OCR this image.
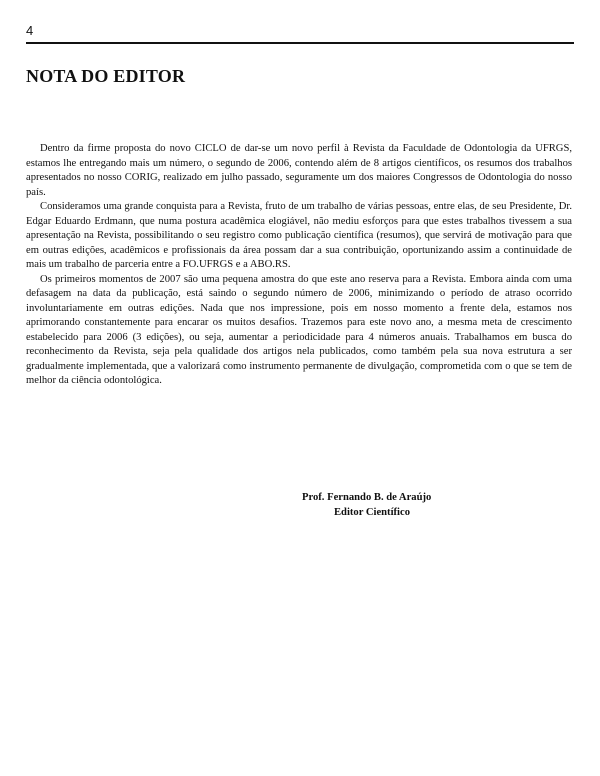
4
NOTA DO EDITOR

Dentro da firme proposta do novo CICLO de dar-se um novo perfil à Revista da Faculdade de Odontologia da UFRGS, estamos lhe entregando mais um número, o segundo de 2006, contendo além de 8 artigos científicos, os resumos dos trabalhos apresentados no nosso CORIG, realizado em julho passado, seguramente um dos maiores Congressos de Odontologia do nosso país.

Consideramos uma grande conquista para a Revista, fruto de um trabalho de várias pessoas, entre elas, de seu Presidente, Dr. Edgar Eduardo Erdmann, que numa postura acadêmica elogiável, não mediu esforços para que estes trabalhos tivessem a sua apresentação na Revista, possibilitando o seu registro como publicação científica (resumos), que servirá de motivação para que em outras edições, acadêmicos e profissionais da área possam dar a sua contribuição, oportunizando assim a continuidade de mais um trabalho de parceria entre a FO.UFRGS e a ABO.RS.

Os primeiros momentos de 2007 são uma pequena amostra do que este ano reserva para a Revista. Embora ainda com uma defasagem na data da publicação, está saindo o segundo número de 2006, minimizando o período de atraso ocorrido involuntariamente em outras edições. Nada que nos impressione, pois em nosso momento a frente dela, estamos nos aprimorando constantemente para encarar os muitos desafios. Trazemos para este novo ano, a mesma meta de crescimento estabelecido para 2006 (3 edições), ou seja, aumentar a periodicidade para 4 números anuais. Trabalhamos em busca do reconhecimento da Revista, seja pela qualidade dos artigos nela publicados, como também pela sua nova estrutura a ser gradualmente implementada, que a valorizará como instrumento permanente de divulgação, comprometida com o que se tem de melhor da ciência odontológica.

Prof. Fernando B. de Araújo
Editor Científico
